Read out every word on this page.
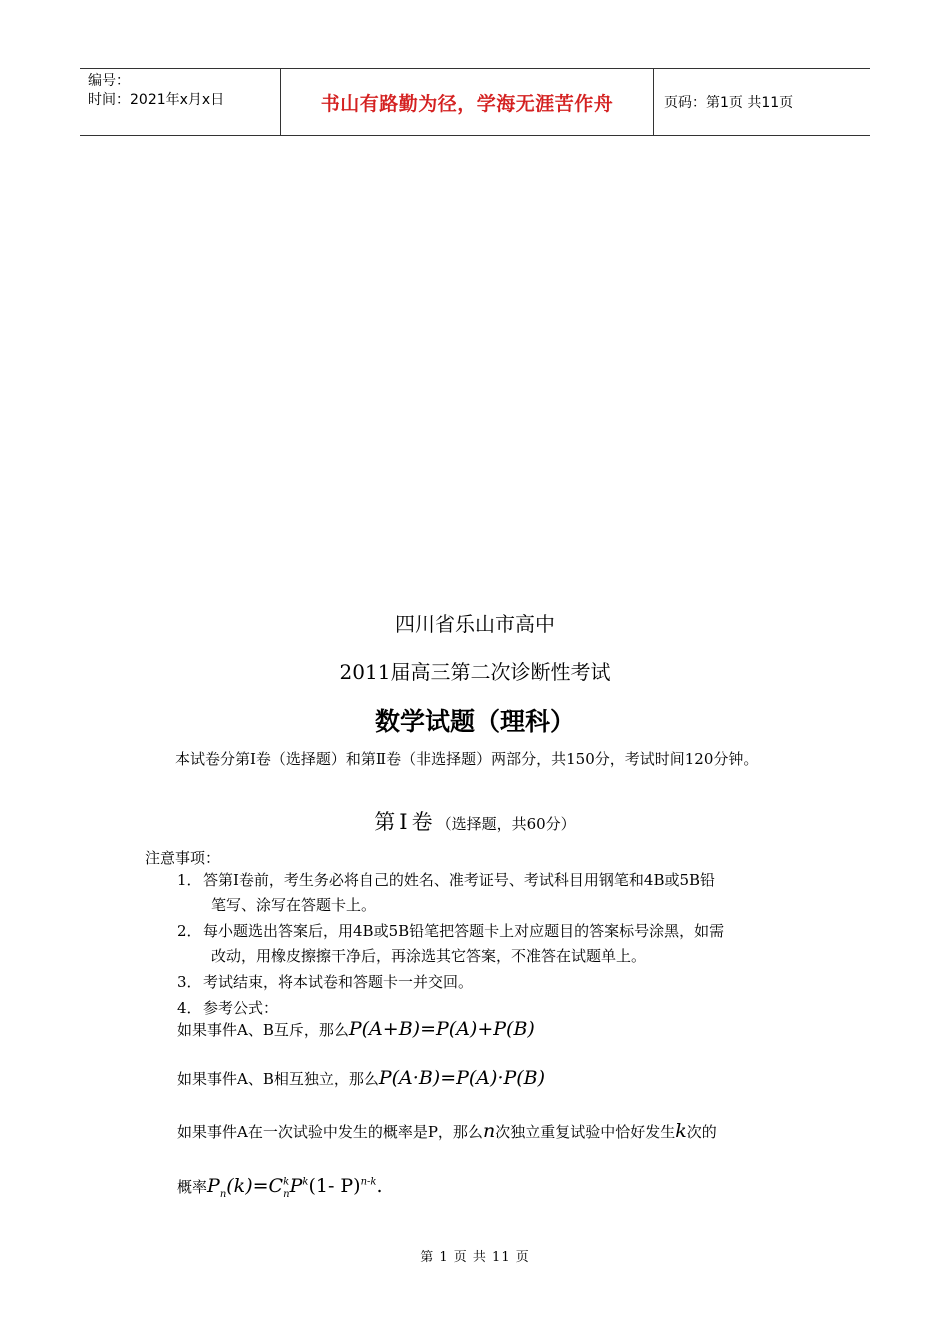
编号：
时间：2021年x月x日	书山有路勤为径，学海无涯苦作舟	页码：第1页 共11页
四川省乐山市高中
2011届高三第二次诊断性考试
数学试题（理科）
本试卷分第Ⅰ卷（选择题）和第Ⅱ卷（非选择题）两部分，共150分，考试时间120分钟。
第Ⅰ卷（选择题，共60分）
注意事项：
1．答第Ⅰ卷前，考生务必将自己的姓名、准考证号、考试科目用钢笔和4B或5B铅
笔写、涂写在答题卡上。
2．每小题选出答案后，用4B或5B铅笔把答题卡上对应题目的答案标号涂黑，如需
改动，用橡皮擦擦干净后，再涂选其它答案，不准答在试题单上。
3．考试结束，将本试卷和答题卡一并交回。
4．参考公式：
如果事件A、B互斥，那么P(A+B)=P(A)+P(B)
如果事件A、B相互独立，那么P(A·B)=P(A)·P(B)
如果事件A在一次试验中发生的概率是P，那么n次独立重复试验中恰好发生k次的
概率$P_n(k)=C^k_nP^k(1-$ P)$^{n-k}$.
第 1 页 共 11 页
